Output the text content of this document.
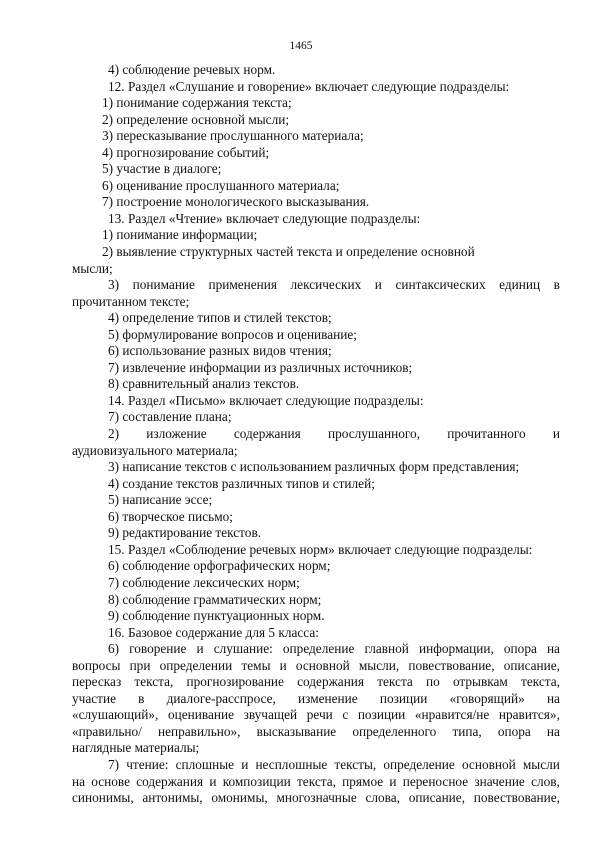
1465
4) соблюдение речевых норм.
12. Раздел «Слушание и говорение» включает следующие подразделы:
1) понимание содержания текста;
2) определение основной мысли;
3) пересказывание прослушанного материала;
4) прогнозирование событий;
5) участие в диалоге;
6) оценивание прослушанного материала;
7) построение монологического высказывания.
13. Раздел «Чтение» включает следующие подразделы:
1) понимание информации;
2) выявление структурных частей текста и определение основной
мысли;
3) понимание применения лексических и синтаксических единиц в
прочитанном тексте;
4) определение типов и стилей текстов;
5) формулирование вопросов и оценивание;
6) использование разных видов чтения;
7) извлечение информации из различных источников;
8) сравнительный анализ текстов.
14. Раздел «Письмо» включает следующие подразделы:
7) составление плана;
2) изложение содержания прослушанного, прочитанного и
аудиовизуального материала;
3) написание текстов с использованием различных форм представления;
4) создание текстов различных типов и стилей;
5) написание эссе;
6) творческое письмо;
9) редактирование текстов.
15. Раздел «Соблюдение речевых норм» включает следующие подразделы:
6) соблюдение орфографических норм;
7) соблюдение лексических норм;
8) соблюдение грамматических норм;
9) соблюдение пунктуационных норм.
16. Базовое содержание для 5 класса:
6) говорение и слушание: определение главной информации, опора на
вопросы при определении темы и основной мысли, повествование, описание,
пересказ текста, прогнозирование содержания текста по отрывкам текста,
участие в диалоге-расспросе, изменение позиции «говорящий» на
«слушающий», оценивание звучащей речи с позиции «нравится/не нравится»,
«правильно/ неправильно», высказывание определенного типа, опора на
наглядные материалы;
7) чтение: сплошные и несплошные тексты, определение основной мысли
на основе содержания и композиции текста, прямое и переносное значение слов,
синонимы, антонимы, омонимы, многозначные слова, описание, повествование,
